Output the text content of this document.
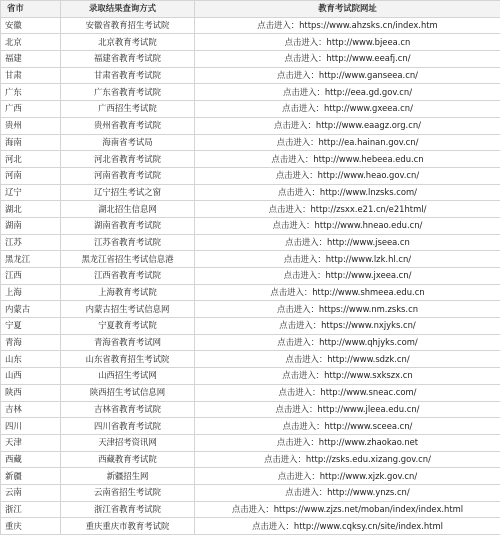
省市	录取结果查询方式	教育考试院网址
安徽	安徽省教育招生考试院	点击进入：https://www.ahzsks.cn/index.htm
北京	北京教育考试院	点击进入：http://www.bjeea.cn
福建	福建省教育考试院	点击进入：http://www.eeafj.cn/
甘肃	甘肃省教育考试院	点击进入：http://www.ganseea.cn/
广东	广东省教育考试院	点击进入：http://eea.gd.gov.cn/
广西	广西招生考试院	点击进入：http://www.gxeea.cn/
贵州	贵州省教育考试院	点击进入：http://www.eaagz.org.cn/
海南	海南省考试局	点击进入：http://ea.hainan.gov.cn/
河北	河北省教育考试院	点击进入：http://www.hebeea.edu.cn
河南	河南省教育考试院	点击进入：http://www.heao.gov.cn/
辽宁	辽宁招生考试之窗	点击进入：http://www.lnzsks.com/
湖北	湖北招生信息网	点击进入：http://zsxx.e21.cn/e21html/
湖南	湖南省教育考试院	点击进入：http://www.hneao.edu.cn/
江苏	江苏省教育考试院	点击进入：http://www.jseea.cn
黑龙江	黑龙江省招生考试信息港	点击进入：http://www.lzk.hl.cn/
江西	江西省教育考试院	点击进入：http://www.jxeea.cn/
上海	上海教育考试院	点击进入：http://www.shmeea.edu.cn
内蒙古	内蒙古招生考试信息网	点击进入：https://www.nm.zsks.cn
宁夏	宁夏教育考试院	点击进入：https://www.nxjyks.cn/
青海	青海省教育考试网	点击进入：http://www.qhjyks.com/
山东	山东省教育招生考试院	点击进入：http://www.sdzk.cn/
山西	山西招生考试网	点击进入：http://www.sxkszx.cn
陕西	陕西招生考试信息网	点击进入：http://www.sneac.com/
吉林	吉林省教育考试院	点击进入：http://www.jleea.edu.cn/
四川	四川省教育考试院	点击进入：http://www.sceea.cn/
天津	天津招考资讯网	点击进入：http://www.zhaokao.net
西藏	西藏教育考试院	点击进入：http://zsks.edu.xizang.gov.cn/
新疆	新疆招生网	点击进入：http://www.xjzk.gov.cn/
云南	云南省招生考试院	点击进入：http://www.ynzs.cn/
浙江	浙江省教育考试院	点击进入：https://www.zjzs.net/moban/index/index.html
重庆	重庆重庆市教育考试院	点击进入：http://www.cqksy.cn/site/index.html
